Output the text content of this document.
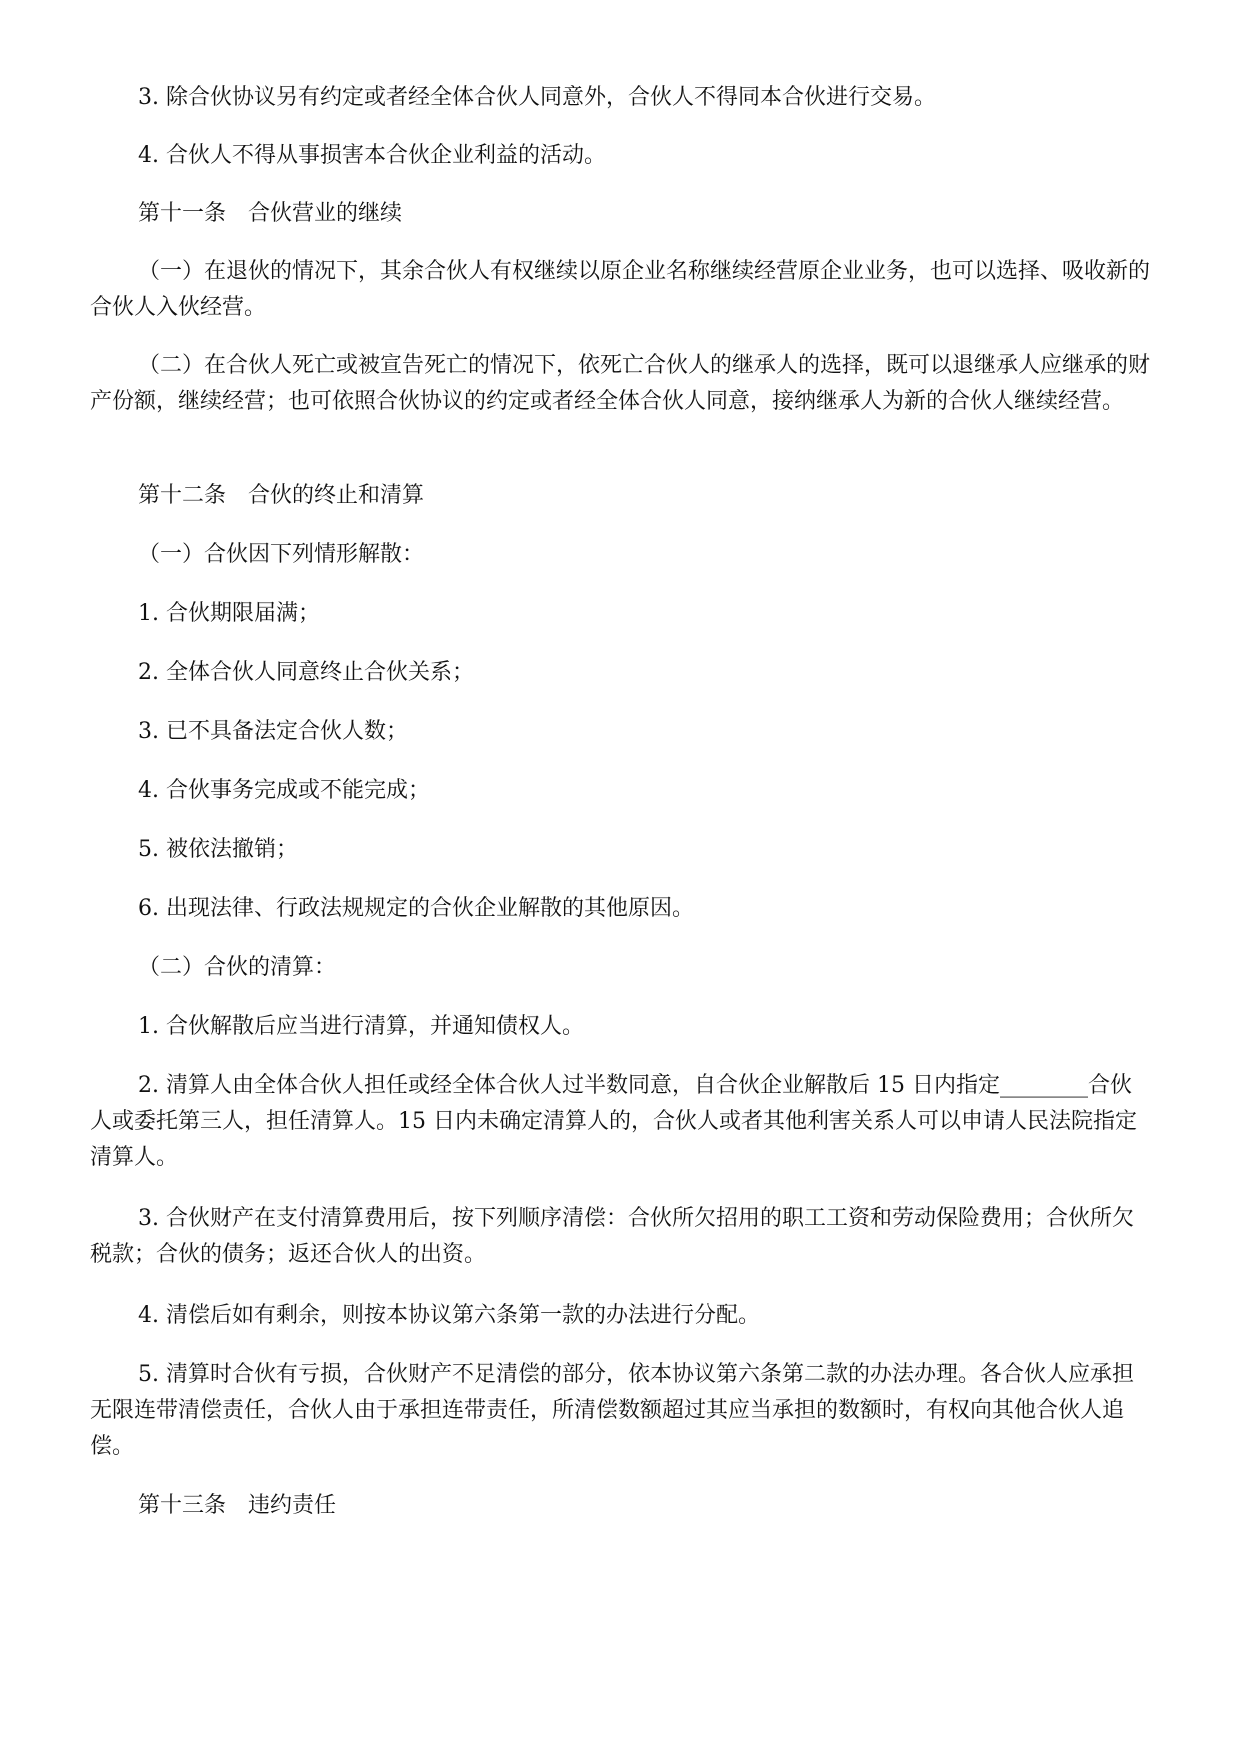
3. 除合伙协议另有约定或者经全体合伙人同意外，合伙人不得同本合伙进行交易。

4. 合伙人不得从事损害本合伙企业利益的活动。

第十一条　合伙营业的继续

（一）在退伙的情况下，其余合伙人有权继续以原企业名称继续经营原企业业务，也可以选择、吸收新的合伙人入伙经营。

（二）在合伙人死亡或被宣告死亡的情况下，依死亡合伙人的继承人的选择，既可以退继承人应继承的财产份额，继续经营；也可依照合伙协议的约定或者经全体合伙人同意，接纳继承人为新的合伙人继续经营。

第十二条　合伙的终止和清算

（一）合伙因下列情形解散：

1. 合伙期限届满；

2. 全体合伙人同意终止合伙关系；

3. 已不具备法定合伙人数；

4. 合伙事务完成或不能完成；

5. 被依法撤销；

6. 出现法律、行政法规规定的合伙企业解散的其他原因。

（二）合伙的清算：

1. 合伙解散后应当进行清算，并通知债权人。

2. 清算人由全体合伙人担任或经全体合伙人过半数同意，自合伙企业解散后 15 日内指定________合伙人或委托第三人，担任清算人。15 日内未确定清算人的，合伙人或者其他利害关系人可以申请人民法院指定清算人。

3. 合伙财产在支付清算费用后，按下列顺序清偿：合伙所欠招用的职工工资和劳动保险费用；合伙所欠税款；合伙的债务；返还合伙人的出资。

4. 清偿后如有剩余，则按本协议第六条第一款的办法进行分配。

5. 清算时合伙有亏损，合伙财产不足清偿的部分，依本协议第六条第二款的办法办理。各合伙人应承担无限连带清偿责任，合伙人由于承担连带责任，所清偿数额超过其应当承担的数额时，有权向其他合伙人追偿。

第十三条　违约责任
